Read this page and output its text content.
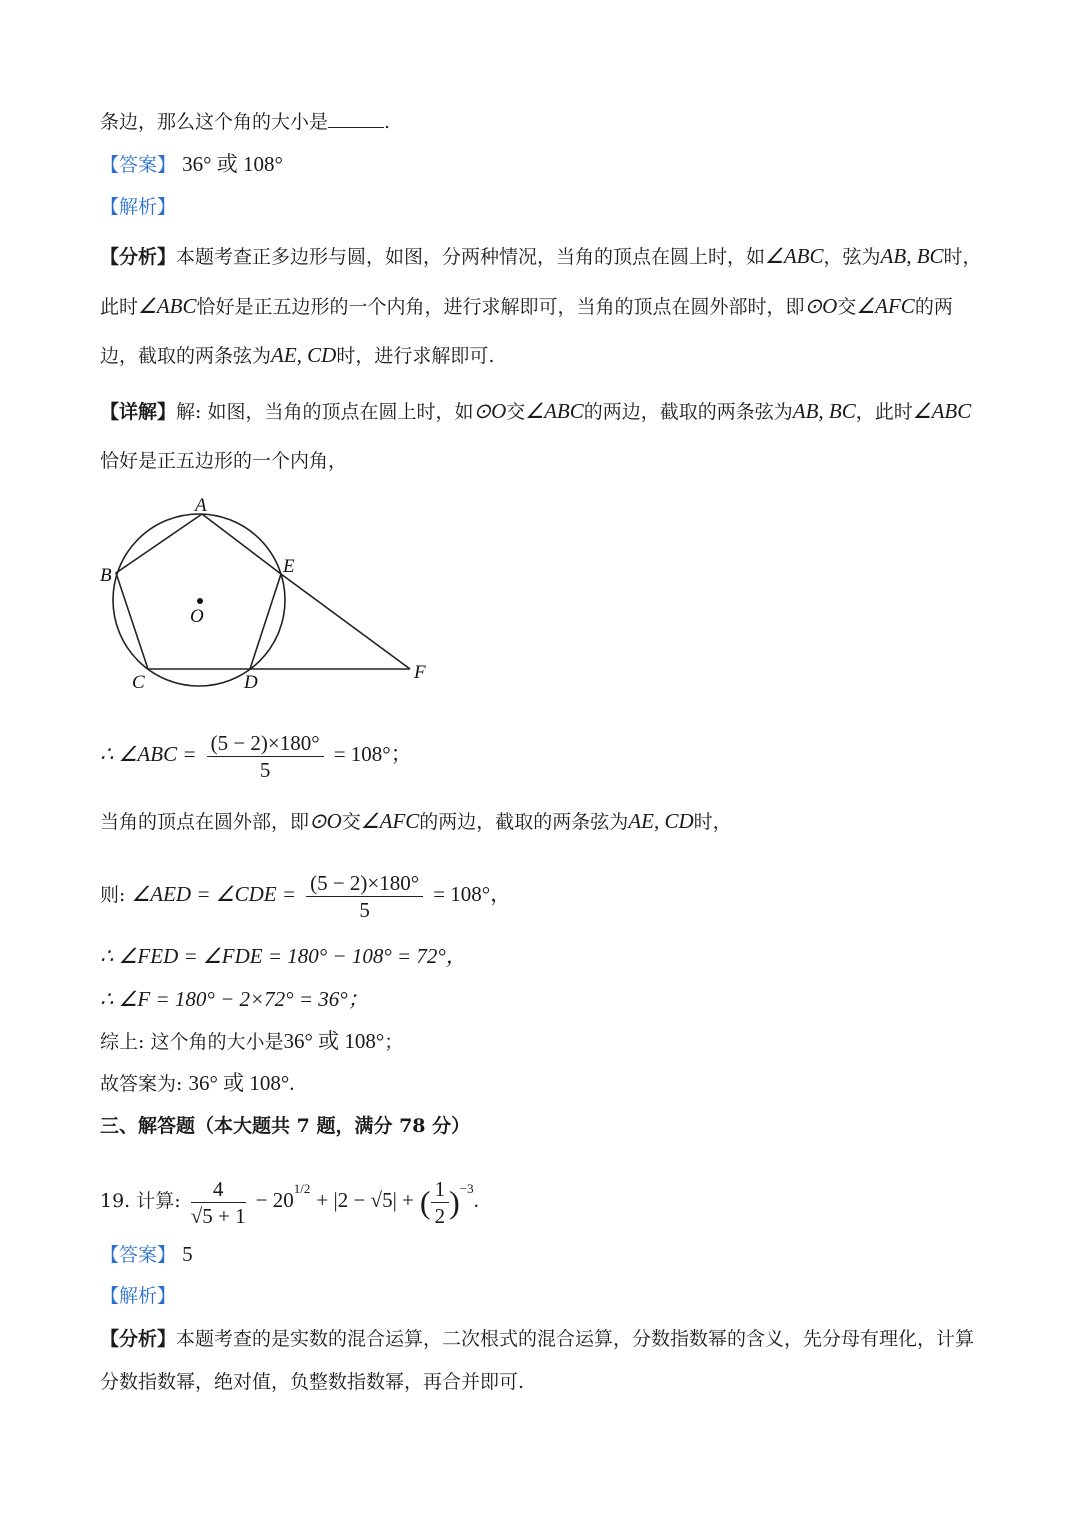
条边，那么这个角的大小是	.
【答案】 36° 或 108°
【解析】
【分析】本题考查正多边形与圆，如图，分两种情况，当角的顶点在圆上时，如∠ABC，弦为AB, BC时，
此时∠ABC恰好是正五边形的一个内角，进行求解即可，当角的顶点在圆外部时，即⊙O交∠AFC的两
边，截取的两条弦为AE, CD时，进行求解即可.
【详解】解: 如图，当角的顶点在圆上时，如⊙O交∠ABC的两边，截取的两条弦为AB, BC，此时∠ABC
恰好是正五边形的一个内角，
A
B
C	D
E
F
O
∴ ∠ABC = $\frac{(5 - 2)\times 180^\circ}{5} = 108^\circ$；
当角的顶点在圆外部，即⊙O交∠AFC的两边，截取的两条弦为AE, CD时，
则: ∠AED = ∠CDE = $\frac{(5 - 2)\times 180^\circ}{5} = 108^\circ$，
∴ ∠FED = ∠FDE = 180° − 108° = 72°，
∴ ∠F = 180° − 2×72° = 36°；
综上: 这个角的大小是36° 或 108°；
故答案为: 36° 或 108°.
三、解答题（本大题共 7 题，满分 78 分）
19. 计算: $\frac{4}{√5 + 1} - 20^{1/2} + |2 - √5|$ + ( $\frac{1}{2} )^{-3}$.
【答案】 5
【解析】
【分析】本题考查的是实数的混合运算，二次根式的混合运算，分数指数幂的含义，先分母有理化，计算
分数指数幂，绝对值，负整数指数幂，再合并即可.
